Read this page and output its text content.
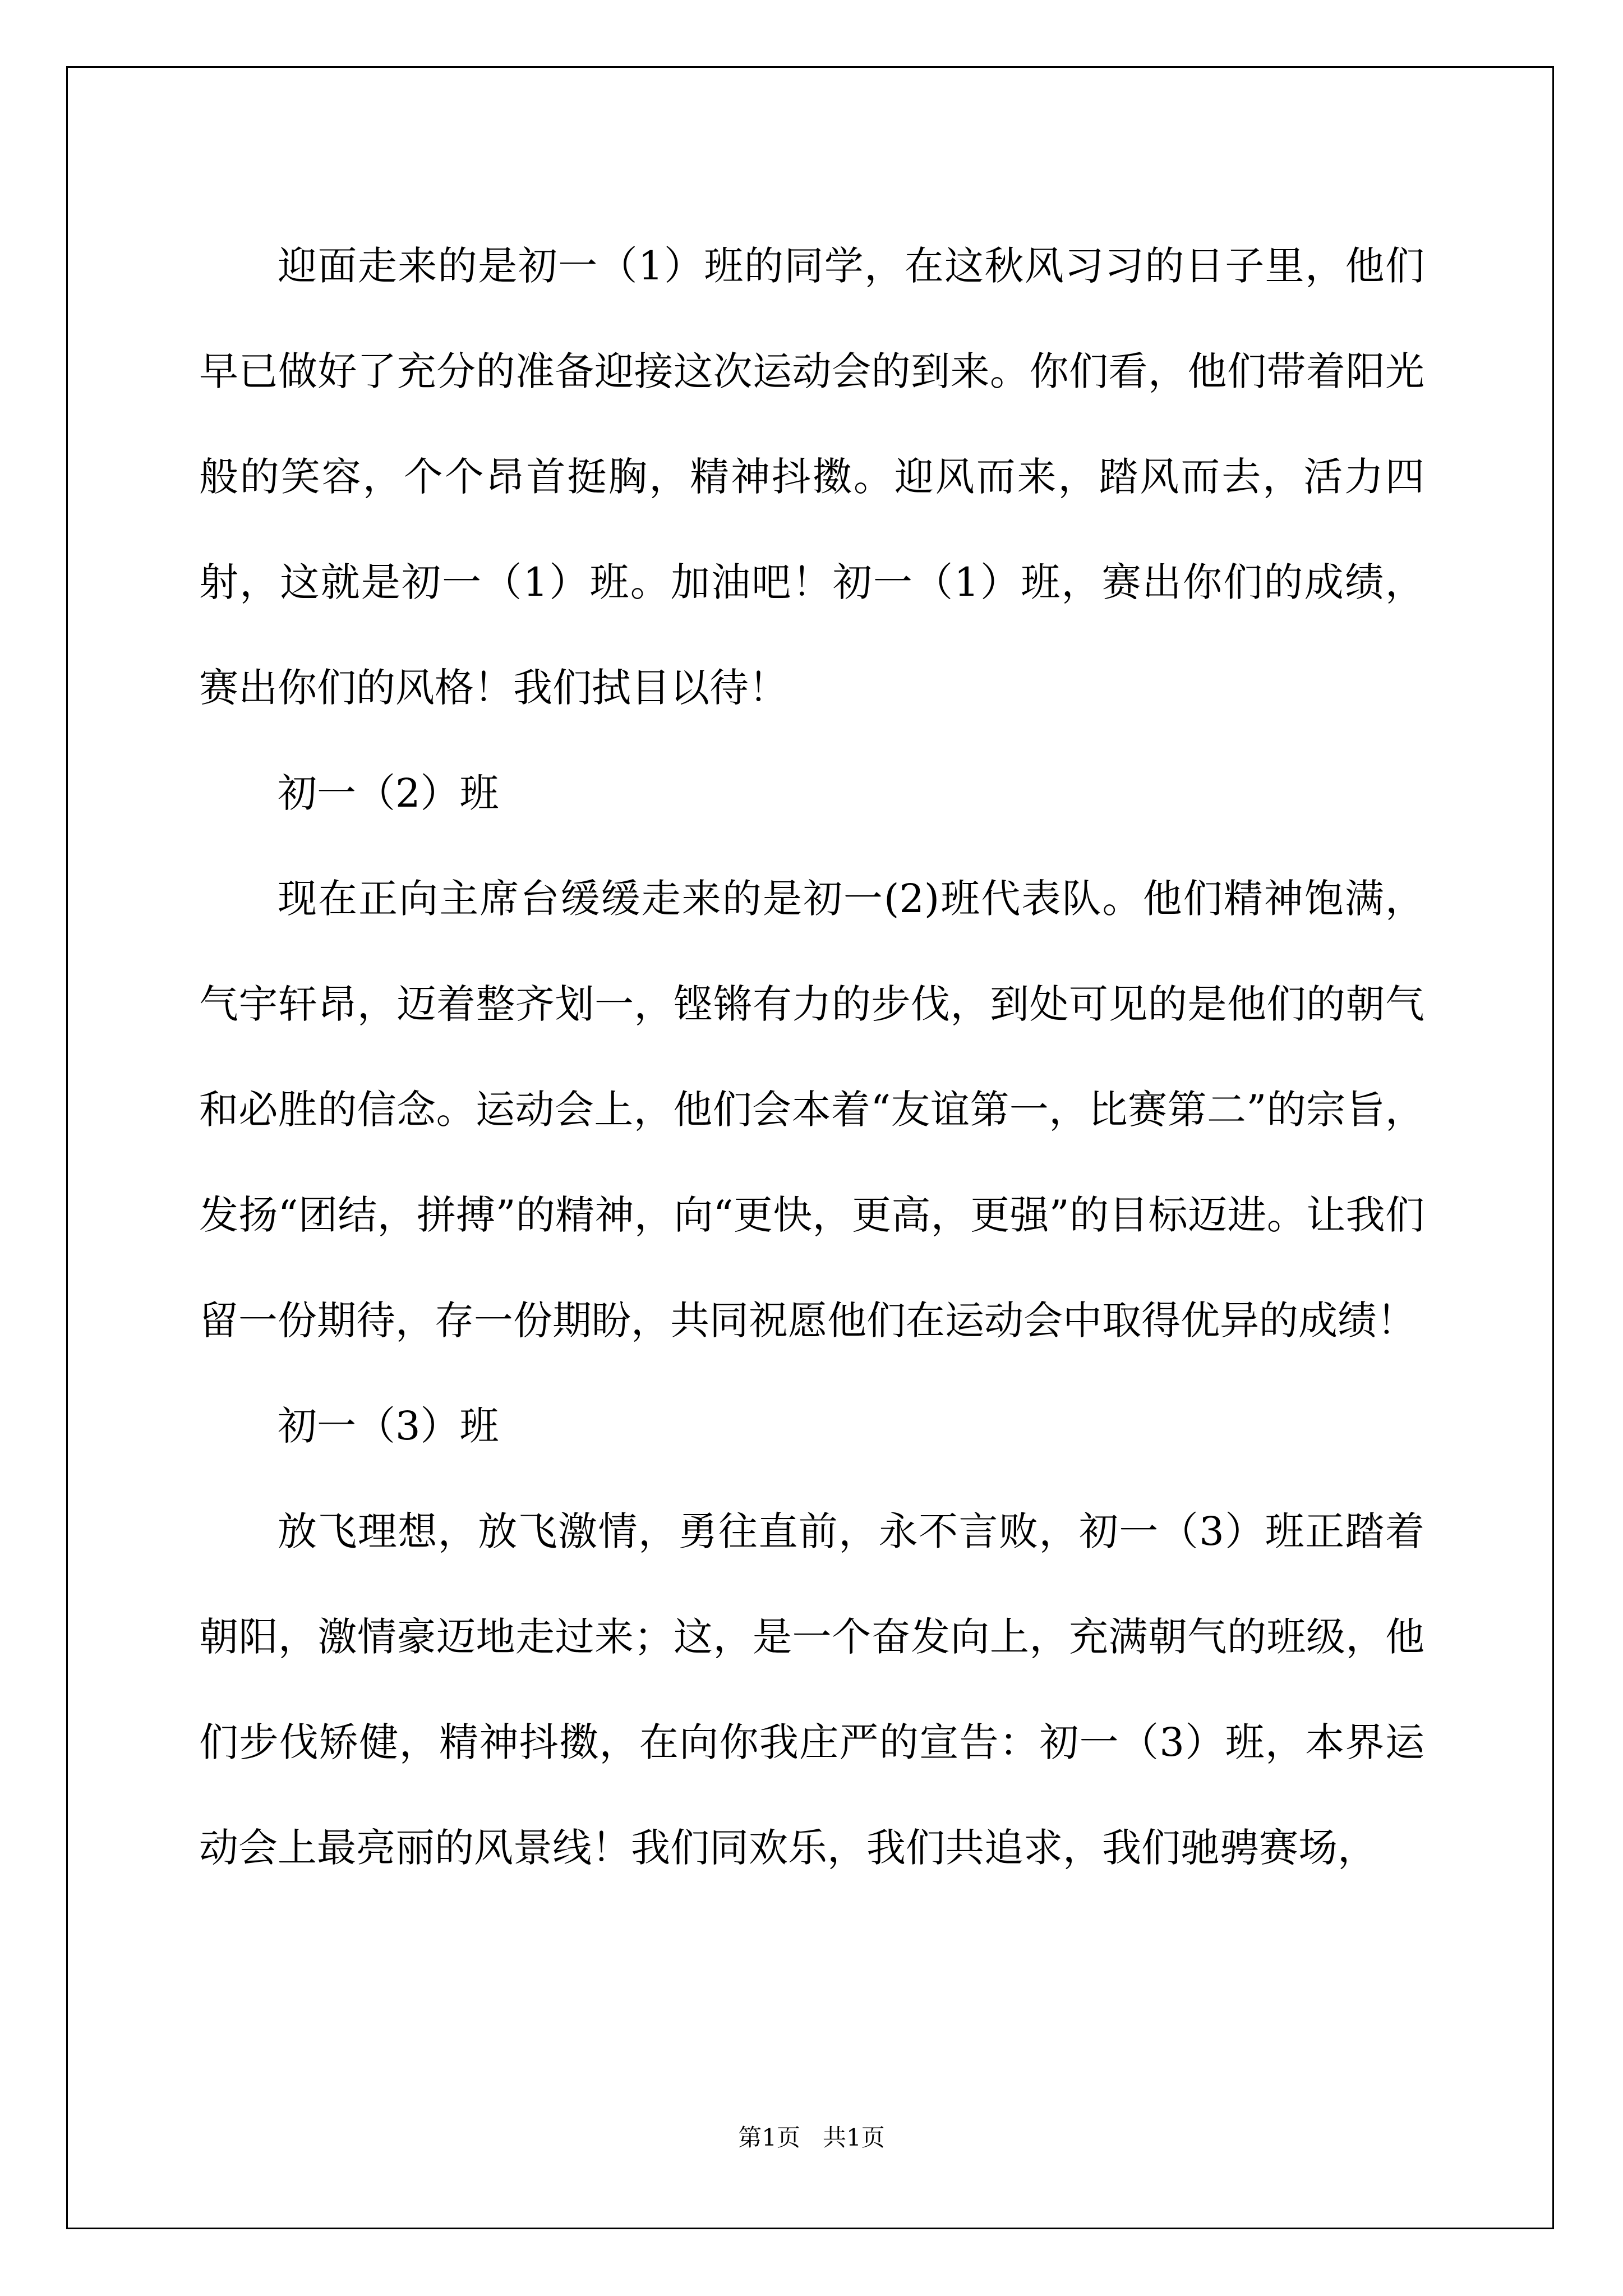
迎面走来的是初一（1）班的同学，在这秋风习习的日子里，他们早已做好了充分的准备迎接这次运动会的到来。你们看，他们带着阳光般的笑容，个个昂首挺胸，精神抖擞。迎风而来，踏风而去，活力四射，这就是初一（1）班。加油吧！初一（1）班，赛出你们的成绩，赛出你们的风格！我们拭目以待！

初一（2）班

现在正向主席台缓缓走来的是初一(2)班代表队。他们精神饱满，气宇轩昂，迈着整齐划一，铿锵有力的步伐，到处可见的是他们的朝气和必胜的信念。运动会上，他们会本着“友谊第一，比赛第二”的宗旨，发扬“团结，拼搏”的精神，向“更快，更高，更强”的目标迈进。让我们留一份期待，存一份期盼，共同祝愿他们在运动会中取得优异的成绩！

初一（3）班

放飞理想，放飞激情，勇往直前，永不言败，初一（3）班正踏着朝阳，激情豪迈地走过来；这，是一个奋发向上，充满朝气的班级，他们步伐矫健，精神抖擞，在向你我庄严的宣告：初一（3）班，本界运动会上最亮丽的风景线！我们同欢乐，我们共追求，我们驰骋赛场，

第1页 共1页
